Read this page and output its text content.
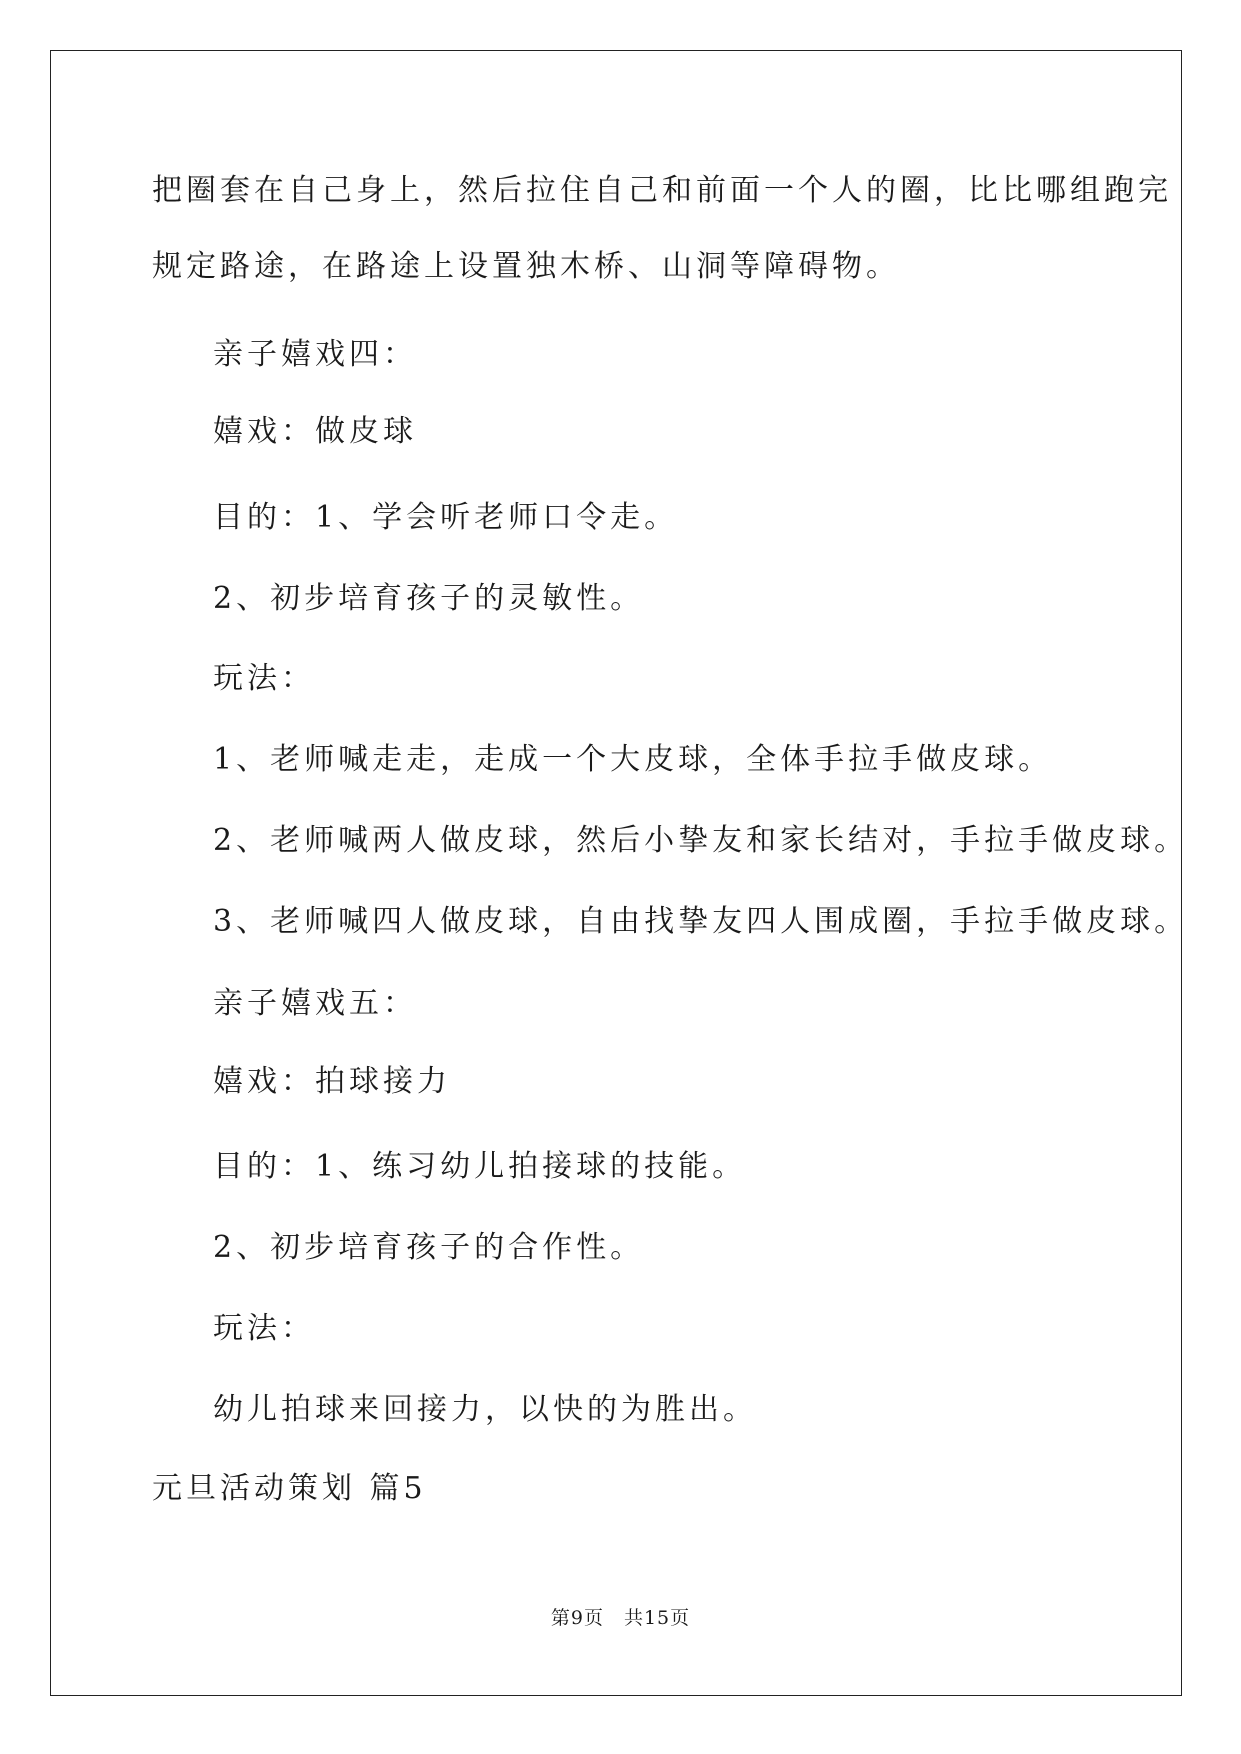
把圈套在自己身上，然后拉住自己和前面一个人的圈，比比哪组跑完
规定路途，在路途上设置独木桥、山洞等障碍物。
亲子嬉戏四：
嬉戏：做皮球
目的：1、学会听老师口令走。
2、初步培育孩子的灵敏性。
玩法：
1、老师喊走走，走成一个大皮球，全体手拉手做皮球。
2、老师喊两人做皮球，然后小挚友和家长结对，手拉手做皮球。
3、老师喊四人做皮球，自由找挚友四人围成圈，手拉手做皮球。
亲子嬉戏五：
嬉戏：拍球接力
目的：1、练习幼儿拍接球的技能。
2、初步培育孩子的合作性。
玩法：
幼儿拍球来回接力，以快的为胜出。
元旦活动策划 篇5
第9页　共15页
